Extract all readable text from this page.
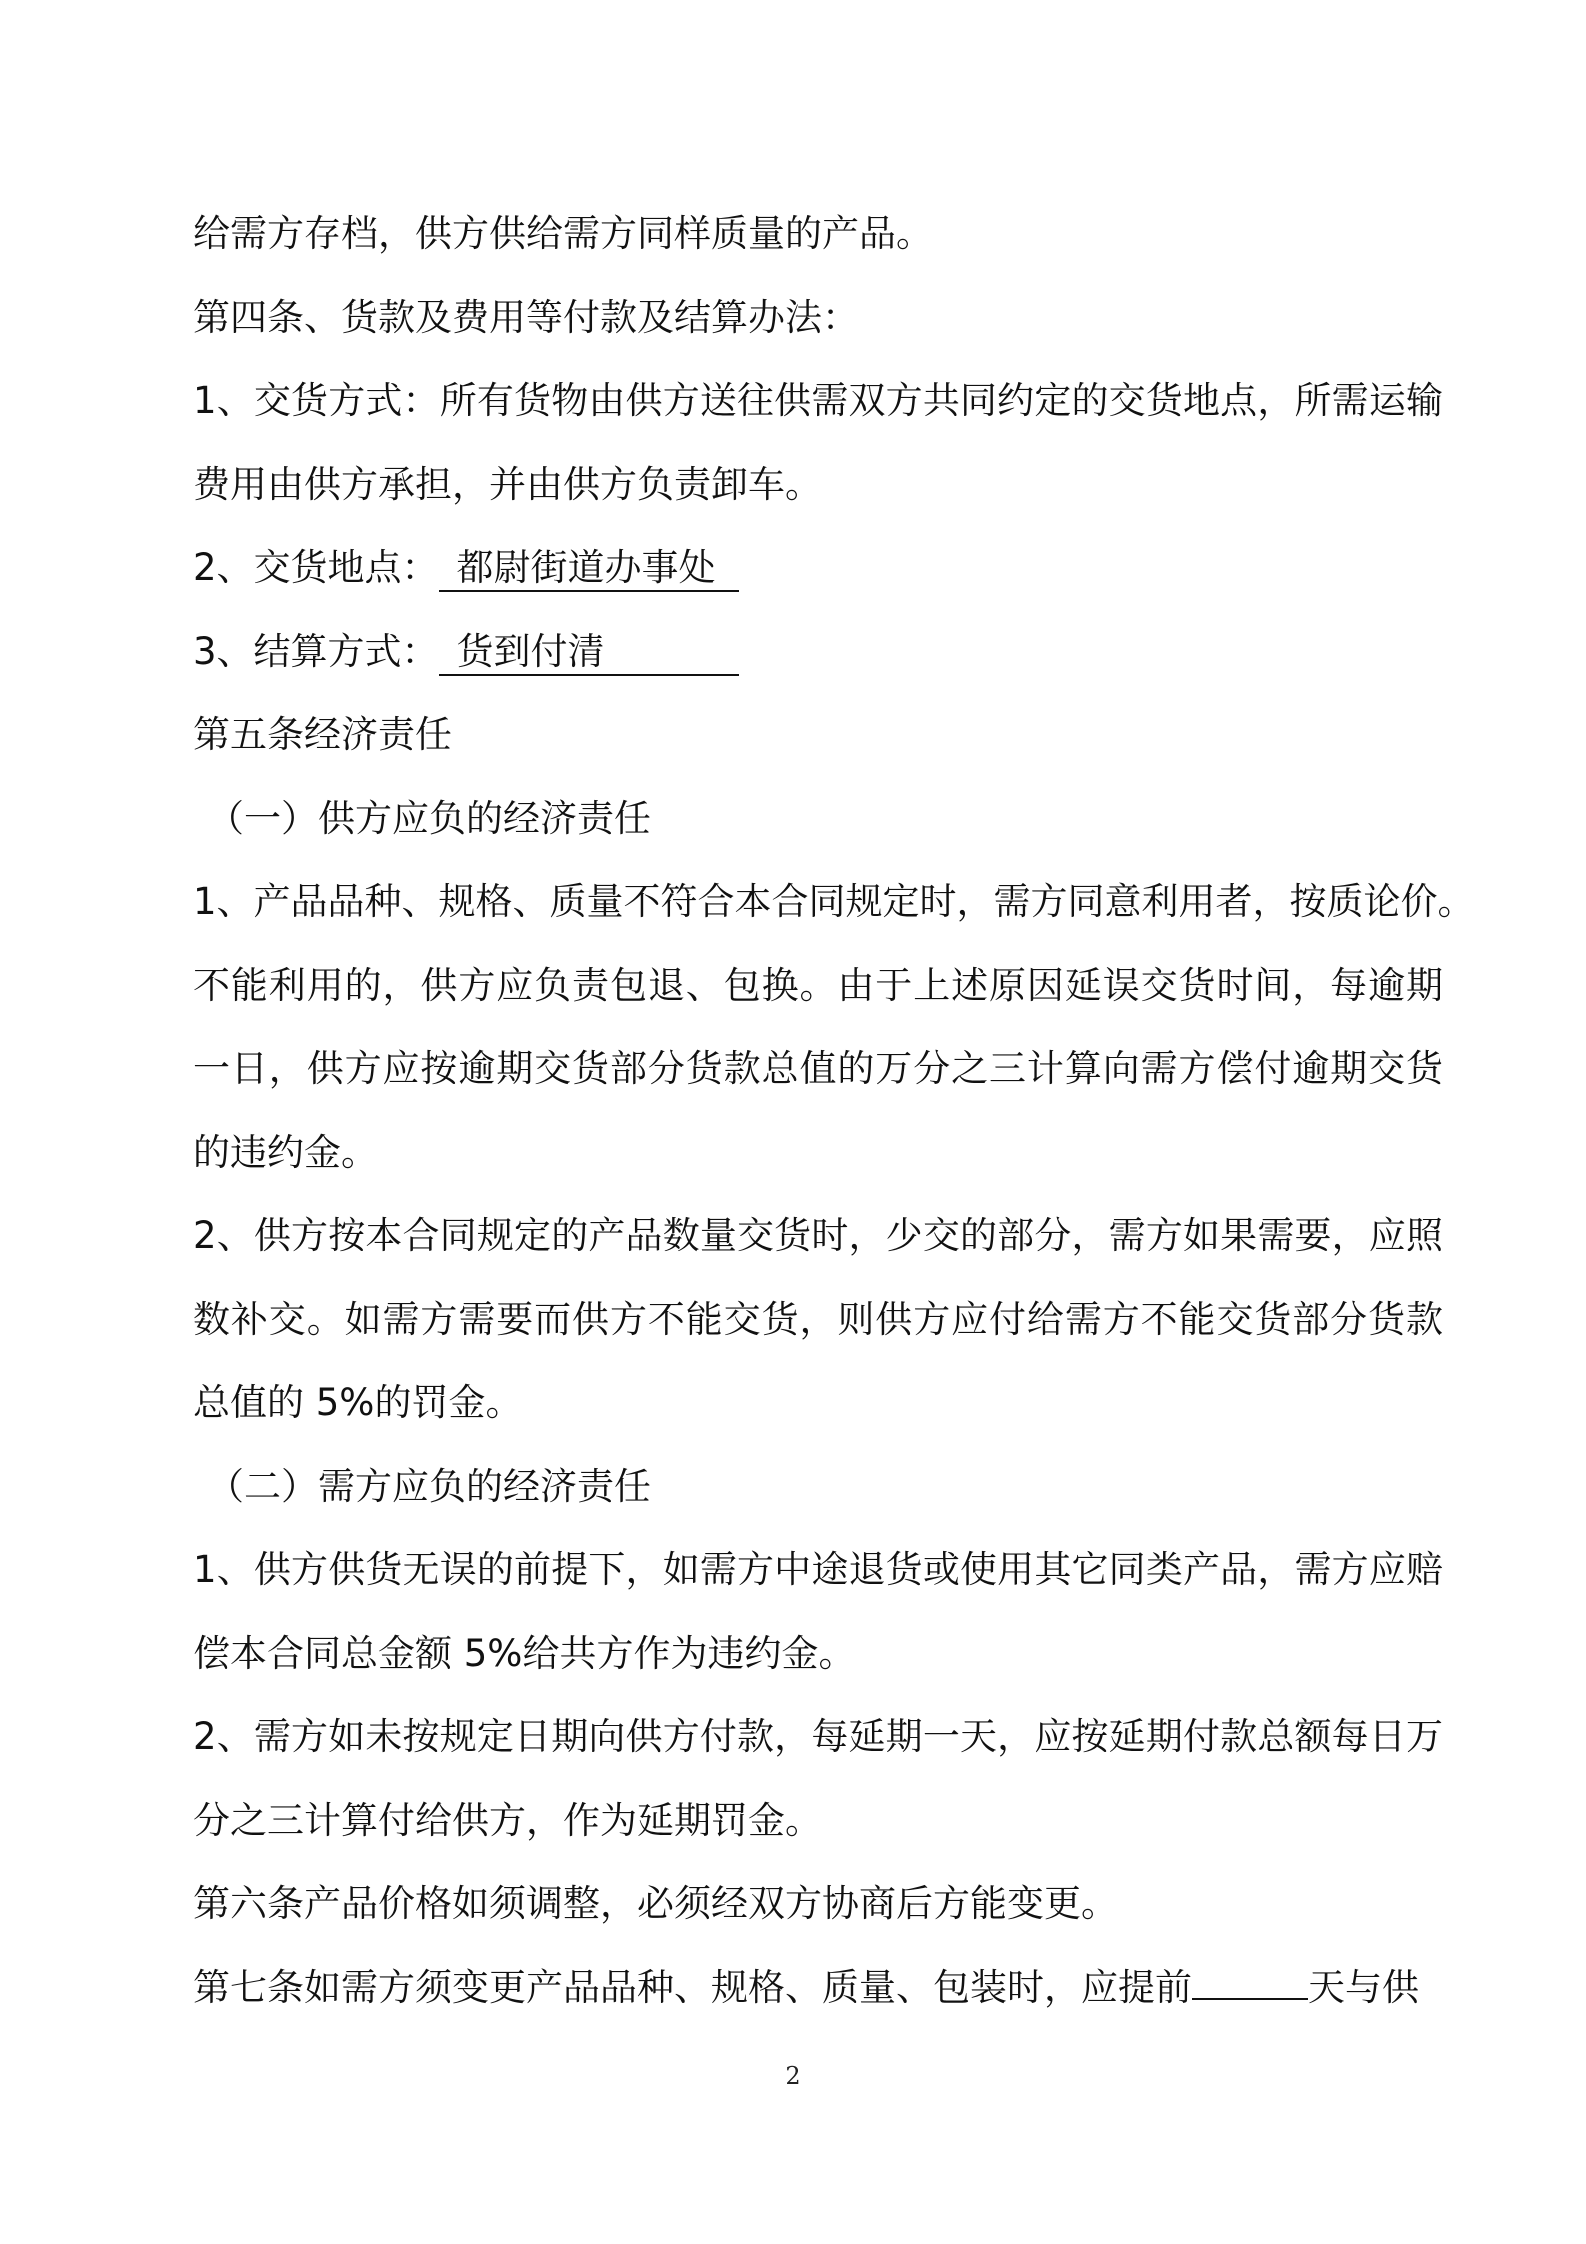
给需方存档，供方供给需方同样质量的产品。
第四条、货款及费用等付款及结算办法：
1、交货方式：所有货物由供方送往供需双方共同约定的交货地点，所需运输
费用由供方承担，并由供方负责卸车。
2、交货地点： 都尉街道办事处
3、结算方式： 货到付清
第五条经济责任
（一）供方应负的经济责任
1、产品品种、规格、质量不符合本合同规定时，需方同意利用者，按质论价。
不能利用的，供方应负责包退、包换。由于上述原因延误交货时间，每逾期
一日，供方应按逾期交货部分货款总值的万分之三计算向需方偿付逾期交货
的违约金。
2、供方按本合同规定的产品数量交货时，少交的部分，需方如果需要，应照
数补交。如需方需要而供方不能交货，则供方应付给需方不能交货部分货款
总值的 5%的罚金。
（二）需方应负的经济责任
1、供方供货无误的前提下，如需方中途退货或使用其它同类产品，需方应赔
偿本合同总金额 5%给共方作为违约金。
2、需方如未按规定日期向供方付款，每延期一天，应按延期付款总额每日万
分之三计算付给供方，作为延期罚金。
第六条产品价格如须调整，必须经双方协商后方能变更。
第七条如需方须变更产品品种、规格、质量、包装时，应提前	天与供
2
